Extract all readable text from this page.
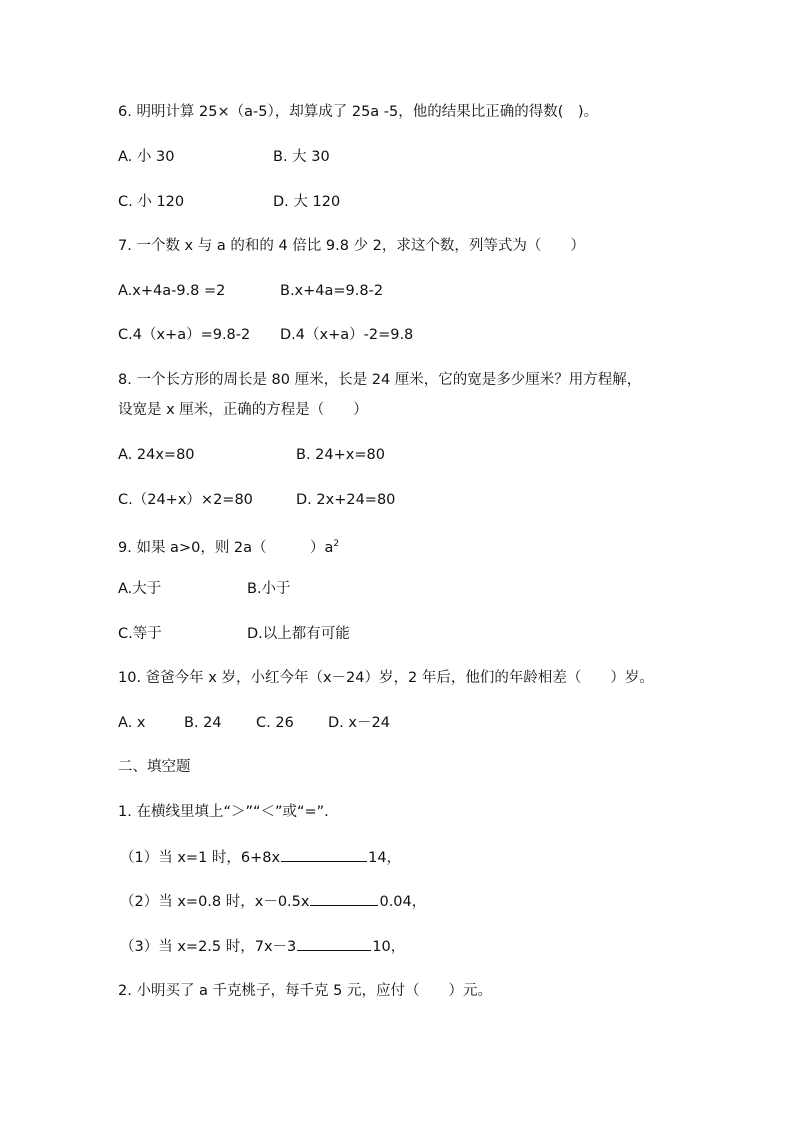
6. 明明计算 25×（a-5），却算成了 25a -5，他的结果比正确的得数(　)。
A. 小 30	B. 大 30
C. 小 120	D. 大 120
7. 一个数 x 与 a 的和的 4 倍比 9.8 少 2，求这个数，列等式为（　　）
A.x+4a-9.8 =2	B.x+4a=9.8-2
C.4（x+a）=9.8-2 D.4（x+a）-2=9.8
8. 一个长方形的周长是 80 厘米，长是 24 厘米，它的宽是多少厘米？用方程解，
设宽是 x 厘米，正确的方程是（　　）
A. 24x=80	B. 24+x=80
C.（24+x）×2=80	D. 2x+24=80
9. 如果 a>0，则 2a（　　　）$a^2$
A.大于	B.小于
C.等于	D.以上都有可能
10. 爸爸今年 x 岁，小红今年（x－24）岁，2 年后，他们的年龄相差（　　）岁。
A. x	B. 24 C. 26 D. x－24
二、填空题
1. 在横线里填上“＞”“＜”或“=”.
（1）当 x=1 时，6+8x	14，
（2）当 x=0.8 时，x－0.5x	0.04，
（3）当 x=2.5 时，7x－3	10，
2. 小明买了 a 千克桃子，每千克 5 元，应付（　　）元。
